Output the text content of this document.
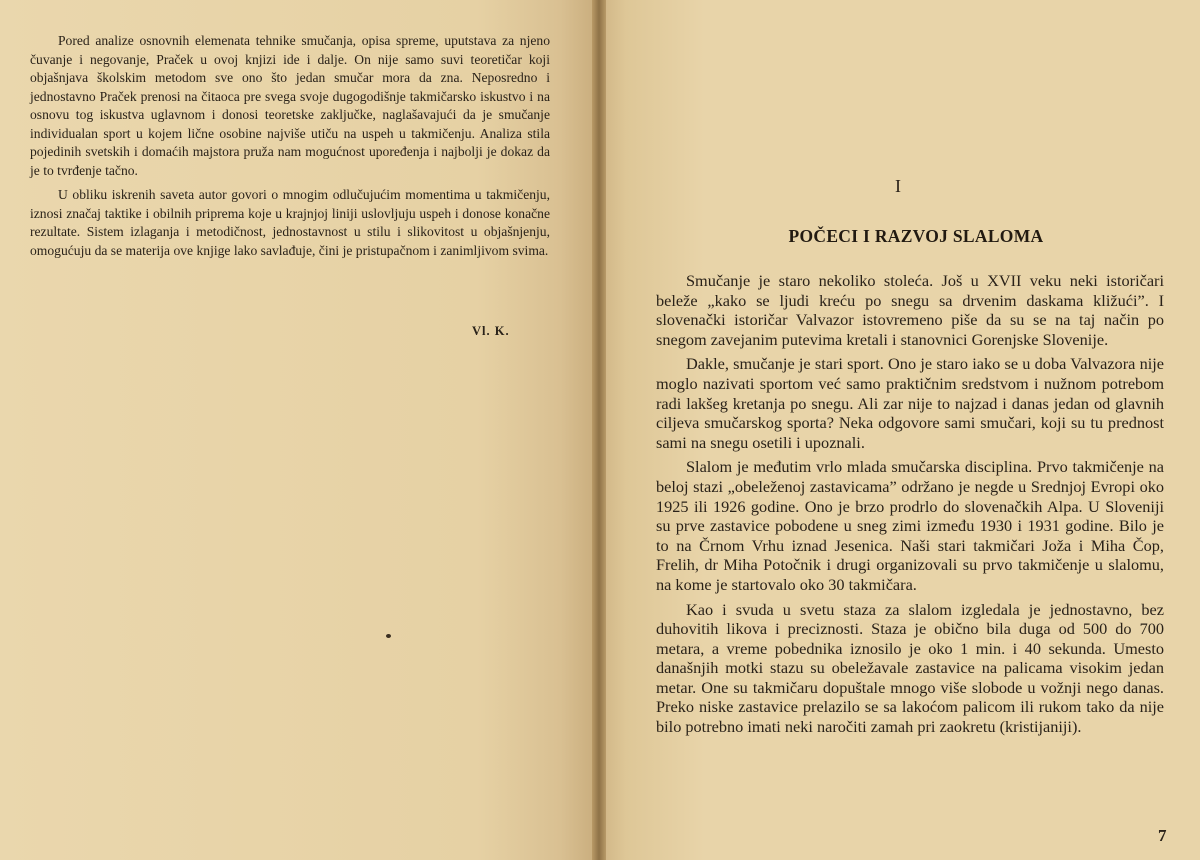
Pored analize osnovnih elemenata tehnike smučanja, opisa spreme, uputstava za njeno čuvanje i negovanje, Praček u ovoj knjizi ide i dalje. On nije samo suvi teoretičar koji objašnjava školskim metodom sve ono što jedan smučar mora da zna. Neposredno i jednostavno Praček prenosi na čitaoca pre svega svoje dugogodišnje takmičarsko iskustvo i na osnovu tog iskustva uglavnom i donosi teoretske zaključke, naglašavajući da je smučanje individualan sport u kojem lične osobine najviše utiču na uspeh u takmičenju. Analiza stila pojedinih svetskih i domaćih majstora pruža nam mogućnost upoređenja i najbolji je dokaz da je to tvrđenje tačno.

U obliku iskrenih saveta autor govori o mnogim odlučujućim momentima u takmičenju, iznosi značaj taktike i obilnih priprema koje u krajnjoj liniji uslovljuju uspeh i donose konačne rezultate. Sistem izlaganja i metodičnost, jednostavnost u stilu i slikovitost u objašnjenju, omogućuju da se materija ove knjige lako savlađuje, čini je pristupačnom i zanimljivom svima.

Vl. K.
I
POČECI I RAZVOJ SLALOMA

Smučanje je staro nekoliko stoleća. Još u XVII veku neki istoričari beleže „kako se ljudi kreću po snegu sa drvenim daskama kližući”. I slovenački istoričar Valvazor istovremeno piše da su se na taj način po snegom zavejanim putevima kretali i stanovnici Gorenjske Slovenije.

Dakle, smučanje je stari sport. Ono je staro iako se u doba Valvazora nije moglo nazivati sportom već samo praktičnim sredstvom i nužnom potrebom radi lakšeg kretanja po snegu. Ali zar nije to najzad i danas jedan od glavnih ciljeva smučarskog sporta? Neka odgovore sami smučari, koji su tu prednost sami na snegu osetili i upoznali.

Slalom je međutim vrlo mlada smučarska disciplina. Prvo takmičenje na beloj stazi „obeleženoj zastavicama” održano je negde u Srednjoj Evropi oko 1925 ili 1926 godine. Ono je brzo prodrlo do slovenačkih Alpa. U Sloveniji su prve zastavice pobodene u sneg zimi između 1930 i 1931 godine. Bilo je to na Črnom Vrhu iznad Jesenica. Naši stari takmičari Joža i Miha Čop, Frelih, dr Miha Potočnik i drugi organizovali su prvo takmičenje u slalomu, na kome je startovalo oko 30 takmičara.

Kao i svuda u svetu staza za slalom izgledala je jednostavno, bez duhovitih likova i preciznosti. Staza je obično bila duga od 500 do 700 metara, a vreme pobednika iznosilo je oko 1 min. i 40 sekunda. Umesto današnjih motki stazu su obeležavale zastavice na palicama visokim jedan metar. One su takmičaru dopuštale mnogo više slobode u vožnji nego danas. Preko niske zastavice prelazilo se sa lakoćom palicom ili rukom tako da nije bilo potrebno imati neki naročiti zamah pri zaokretu (kristijaniji).

7
